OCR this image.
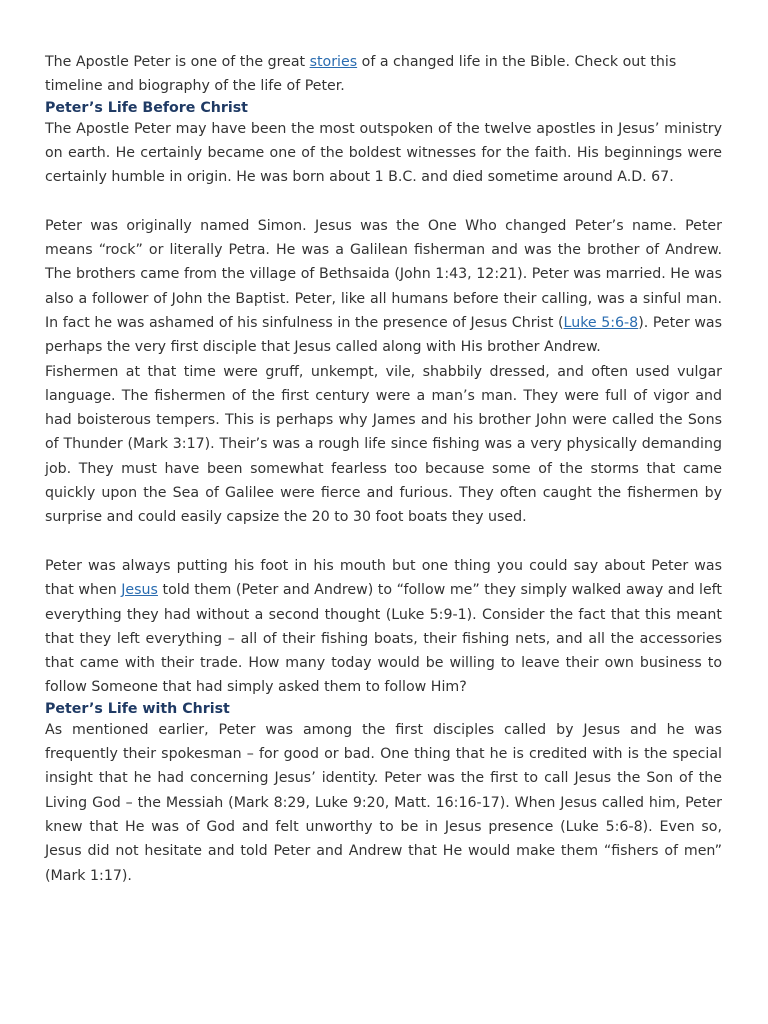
The Apostle Peter is one of the great stories of a changed life in the Bible. Check out this timeline and biography of the life of Peter.

Peter’s Life Before Christ

The Apostle Peter may have been the most outspoken of the twelve apostles in Jesus’ ministry on earth. He certainly became one of the boldest witnesses for the faith. His beginnings were certainly humble in origin. He was born about 1 B.C. and died sometime around A.D. 67.

Peter was originally named Simon. Jesus was the One Who changed Peter’s name. Peter means “rock” or literally Petra. He was a Galilean fisherman and was the brother of Andrew. The brothers came from the village of Bethsaida (John 1:43, 12:21). Peter was married. He was also a follower of John the Baptist. Peter, like all humans before their calling, was a sinful man. In fact he was ashamed of his sinfulness in the presence of Jesus Christ (Luke 5:6-8). Peter was perhaps the very first disciple that Jesus called along with His brother Andrew.

Fishermen at that time were gruff, unkempt, vile, shabbily dressed, and often used vulgar language. The fishermen of the first century were a man’s man. They were full of vigor and had boisterous tempers. This is perhaps why James and his brother John were called the Sons of Thunder (Mark 3:17). Their’s was a rough life since fishing was a very physically demanding job. They must have been somewhat fearless too because some of the storms that came quickly upon the Sea of Galilee were fierce and furious. They often caught the fishermen by surprise and could easily capsize the 20 to 30 foot boats they used.

Peter was always putting his foot in his mouth but one thing you could say about Peter was that when Jesus told them (Peter and Andrew) to “follow me” they simply walked away and left everything they had without a second thought (Luke 5:9-1). Consider the fact that this meant that they left everything – all of their fishing boats, their fishing nets, and all the accessories that came with their trade. How many today would be willing to leave their own business to follow Someone that had simply asked them to follow Him?

Peter’s Life with Christ

As mentioned earlier, Peter was among the first disciples called by Jesus and he was frequently their spokesman – for good or bad. One thing that he is credited with is the special insight that he had concerning Jesus’ identity. Peter was the first to call Jesus the Son of the Living God – the Messiah (Mark 8:29, Luke 9:20, Matt. 16:16-17). When Jesus called him, Peter knew that He was of God and felt unworthy to be in Jesus presence (Luke 5:6-8). Even so, Jesus did not hesitate and told Peter and Andrew that He would make them “fishers of men” (Mark 1:17).
